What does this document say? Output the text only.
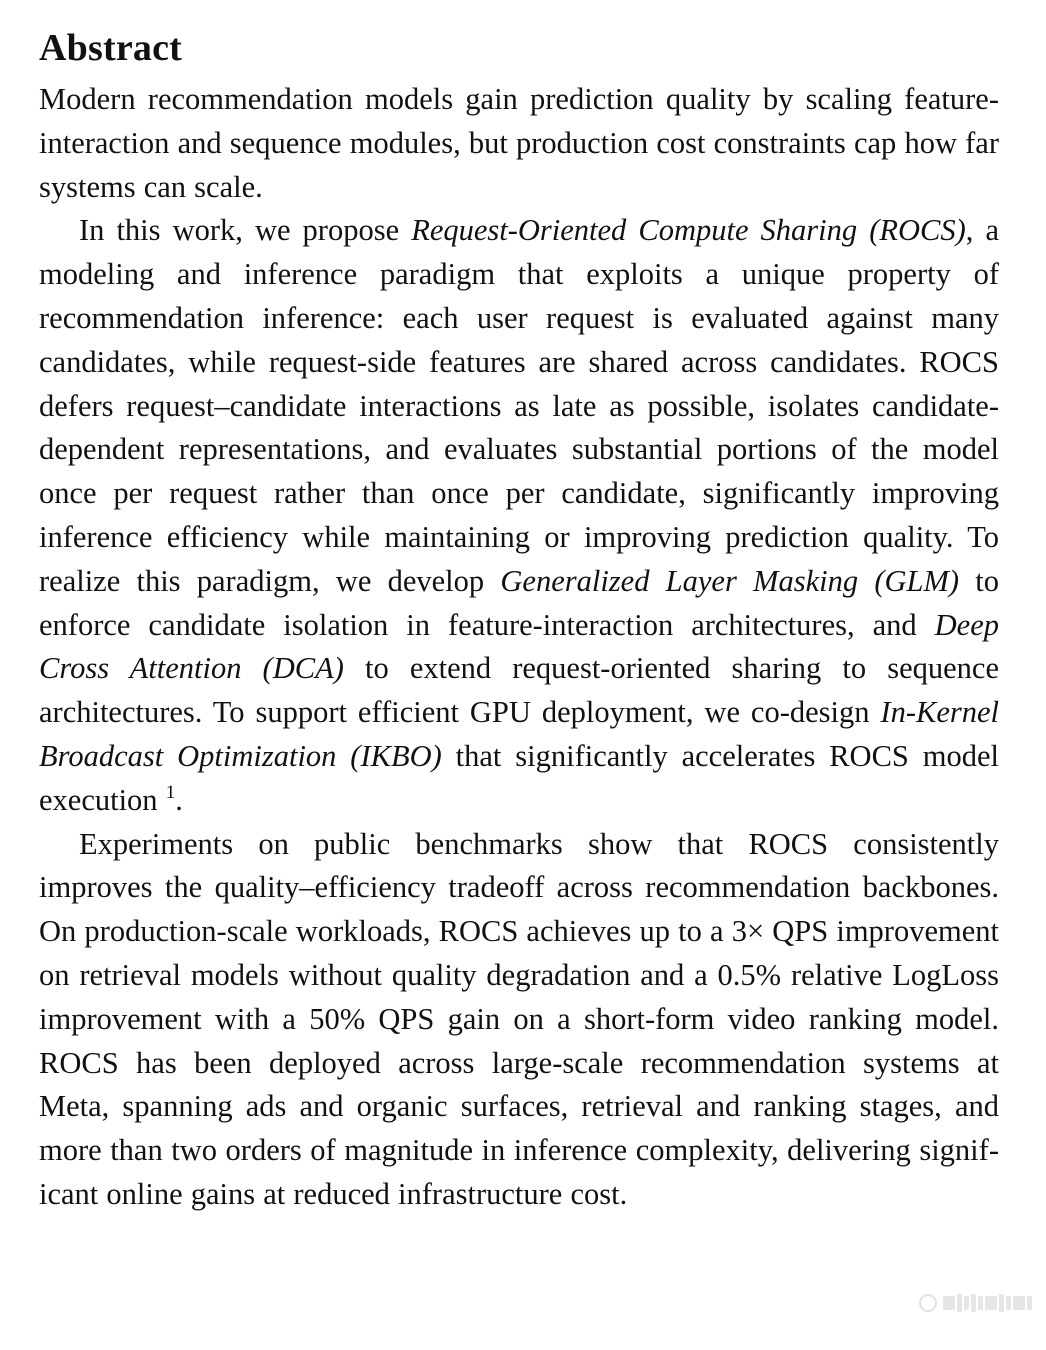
Abstract

Modern recommendation models gain prediction quality by scaling feature-interaction and sequence modules, but production cost constraints cap how far systems can scale.

In this work, we propose Request-Oriented Compute Sharing (ROCS), a modeling and inference paradigm that exploits a unique property of recommendation inference: each user request is evaluated against many candidates, while request-side features are shared across candidates. ROCS defers request–candidate interactions as late as possible, isolates candidate-dependent representations, and evaluates substantial portions of the model once per request rather than once per candidate, significantly improving inference efficiency while maintaining or improving prediction quality. To realize this paradigm, we develop Generalized Layer Masking (GLM) to enforce candidate isolation in feature-interaction architectures, and Deep Cross Attention (DCA) to extend request-oriented sharing to sequence architectures. To support efficient GPU deployment, we co-design In-Kernel Broadcast Optimization (IKBO) that significantly accelerates ROCS model execution $^1$.

Experiments on public benchmarks show that ROCS consistently improves the quality–efficiency tradeoff across recommendation backbones. On production-scale workloads, ROCS achieves up to a 3× QPS improvement on retrieval models without quality degradation and a 0.5% relative LogLoss improvement with a 50% QPS gain on a short-form video ranking model. ROCS has been deployed across large-scale recommendation systems at Meta, spanning ads and organic surfaces, retrieval and ranking stages, and more than two orders of magnitude in inference complexity, delivering significant online gains at reduced infrastructure cost.
